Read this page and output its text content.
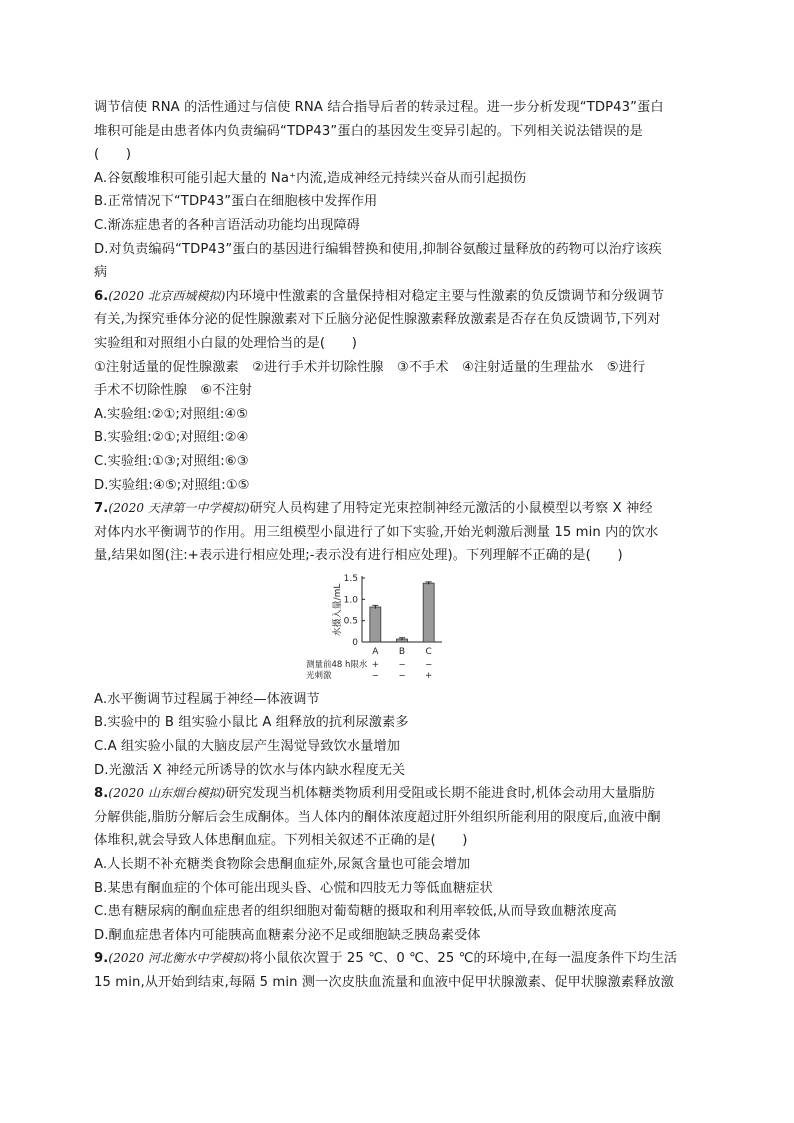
调节信使 RNA 的活性通过与信使 RNA 结合指导后者的转录过程。进一步分析发现“TDP43”蛋白
堆积可能是由患者体内负责编码“TDP43”蛋白的基因发生变异引起的。下列相关说法错误的是
(　　)
A.谷氨酸堆积可能引起大量的 Na⁺内流,造成神经元持续兴奋从而引起损伤
B.正常情况下“TDP43”蛋白在细胞核中发挥作用
C.渐冻症患者的各种言语活动功能均出现障碍
D.对负责编码“TDP43”蛋白的基因进行编辑替换和使用,抑制谷氨酸过量释放的药物可以治疗该疾
病
6.(2020 北京西城模拟)内环境中性激素的含量保持相对稳定主要与性激素的负反馈调节和分级调节
有关,为探究垂体分泌的促性腺激素对下丘脑分泌促性腺激素释放激素是否存在负反馈调节,下列对
实验组和对照组小白鼠的处理恰当的是(　　)
①注射适量的促性腺激素　②进行手术并切除性腺　③不手术　④注射适量的生理盐水　⑤进行
手术不切除性腺　⑥不注射
A.实验组:②①;对照组:④⑤
B.实验组:②①;对照组:②④
C.实验组:①③;对照组:⑥③
D.实验组:④⑤;对照组:①⑤
7.(2020 天津第一中学模拟)研究人员构建了用特定光束控制神经元激活的小鼠模型以考察 X 神经
对体内水平衡调节的作用。用三组模型小鼠进行了如下实验,开始光刺激后测量 15 min 内的饮水
量,结果如图(注:+表示进行相应处理;-表示没有进行相应处理)。下列理解不正确的是(　　)
0
0.5
1.0
1.5
水摄入量/mL
A
+
−
B
−
−
C
−
+
测量前48 h限水
光刺激
A.水平衡调节过程属于神经—体液调节
B.实验中的 B 组实验小鼠比 A 组释放的抗利尿激素多
C.A 组实验小鼠的大脑皮层产生渴觉导致饮水量增加
D.光激活 X 神经元所诱导的饮水与体内缺水程度无关
8.(2020 山东烟台模拟)研究发现当机体糖类物质利用受阻或长期不能进食时,机体会动用大量脂肪
分解供能,脂肪分解后会生成酮体。当人体内的酮体浓度超过肝外组织所能利用的限度后,血液中酮
体堆积,就会导致人体患酮血症。下列相关叙述不正确的是(　　)
A.人长期不补充糖类食物除会患酮血症外,尿氮含量也可能会增加
B.某患有酮血症的个体可能出现头昏、心慌和四肢无力等低血糖症状
C.患有糖尿病的酮血症患者的组织细胞对葡萄糖的摄取和利用率较低,从而导致血糖浓度高
D.酮血症患者体内可能胰高血糖素分泌不足或细胞缺乏胰岛素受体
9.(2020 河北衡水中学模拟)将小鼠依次置于 25 ℃、0 ℃、25 ℃的环境中,在每一温度条件下均生活
15 min,从开始到结束,每隔 5 min 测一次皮肤血流量和血液中促甲状腺激素、促甲状腺激素释放激
